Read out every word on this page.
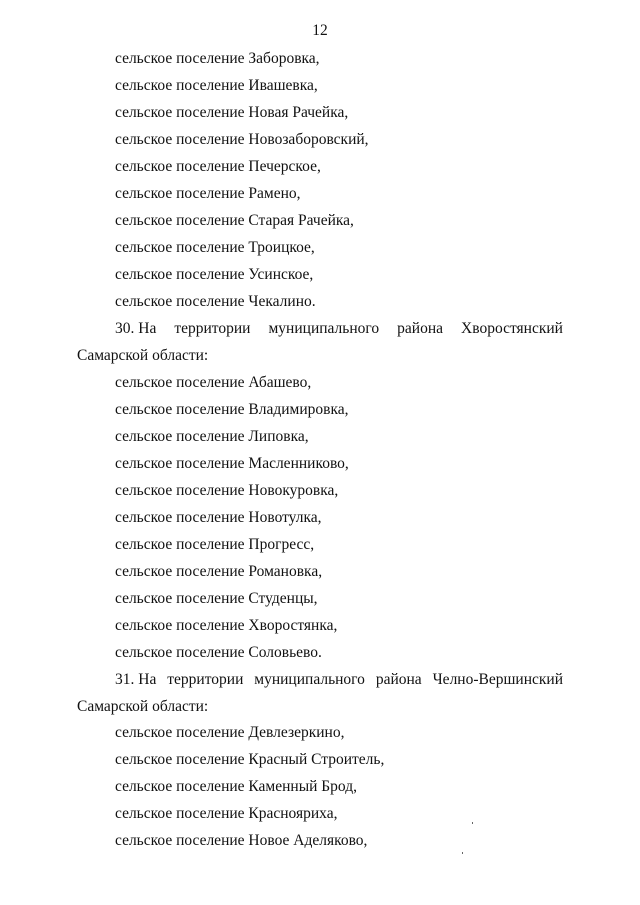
12
сельское поселение Заборовка,
сельское поселение Ивашевка,
сельское поселение Новая Рачейка,
сельское поселение Новозаборовский,
сельское поселение Печерское,
сельское поселение Рамено,
сельское поселение Старая Рачейка,
сельское поселение Троицкое,
сельское поселение Усинское,
сельское поселение Чекалино.
30. На территории муниципального района Хворостянский
Самарской области:
сельское поселение Абашево,
сельское поселение Владимировка,
сельское поселение Липовка,
сельское поселение Масленниково,
сельское поселение Новокуровка,
сельское поселение Новотулка,
сельское поселение Прогресс,
сельское поселение Романовка,
сельское поселение Студенцы,
сельское поселение Хворостянка,
сельское поселение Соловьево.
31. На территории муниципального района Челно-Вершинский
Самарской области:
сельское поселение Девлезеркино,
сельское поселение Красный Строитель,
сельское поселение Каменный Брод,
сельское поселение Краснояриха,
сельское поселение Новое Аделяково,
